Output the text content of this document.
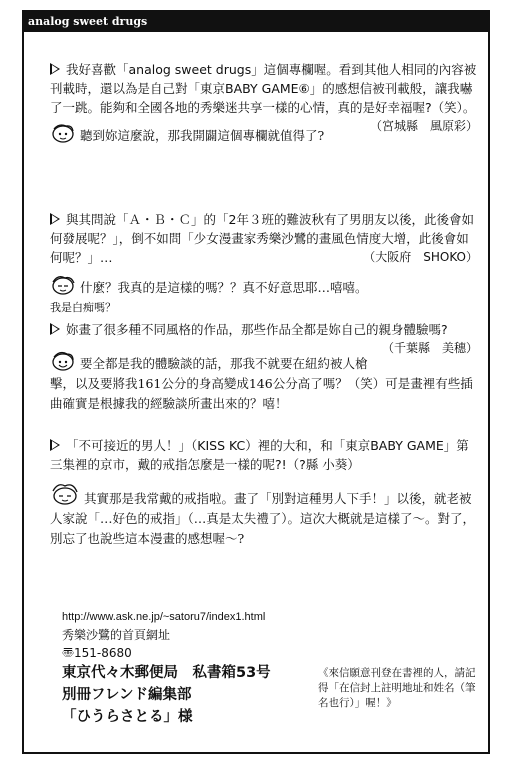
analog sweet drugs
我好喜歡「analog sweet drugs」這個專欄喔。看到其他人相同的內容被刊載時，還以為是自己對「東京BABY GAME⑥」的感想信被刊載般，讓我嚇了一跳。能夠和全國各地的秀樂迷共享一樣的心情，真的是好幸福喔?（笑）。
（宮城縣　風原彩）
聽到妳這麼說，那我開闢這個專欄就值得了?
與其問說「Ａ・Ｂ・Ｃ」的「2年３班的難波秋有了男朋友以後，此後會如何發展呢？」，倒不如問「少女漫畫家秀樂沙鷺的畫風色情度大增，此後會如何呢？」…	（大阪府　SHOKO）
什麼？我真的是這樣的嗎？？真不好意思耶…嘻嘻。
我是白痴嗎？
妳畫了很多種不同風格的作品，那些作品全都是妳自己的親身體驗嗎?
（千葉縣　美穗）
要全都是我的體驗談的話，那我不就要在紐約被人槍擊，以及要將我161公分的身高變成146公分高了嗎？（笑）可是畫裡有些插曲確實是根據我的經驗談所畫出來的？嘻！
「不可接近的男人！」（KISS KC）裡的大和，和「東京BABY GAME」第三集裡的京市，戴的戒指怎麼是一樣的呢?!（?縣 小葵）
其實那是我常戴的戒指啦。畫了「別對這種男人下手！」以後，就老被人家說「…好色的戒指」（…真是太失禮了）。這次大概就是這樣了～。對了，別忘了也說些這本漫畫的感想喔～?
http://www.ask.ne.jp/~satoru7/index1.html
秀樂沙鷺的首頁網址
〠151-8680
東京代々木郵便局　私書箱53号
別冊フレンド編集部
「ひうらさとる」様
《來信願意刊登在書裡的人，請記得「在信封上註明地址和姓名（筆名也行）」喔！》
